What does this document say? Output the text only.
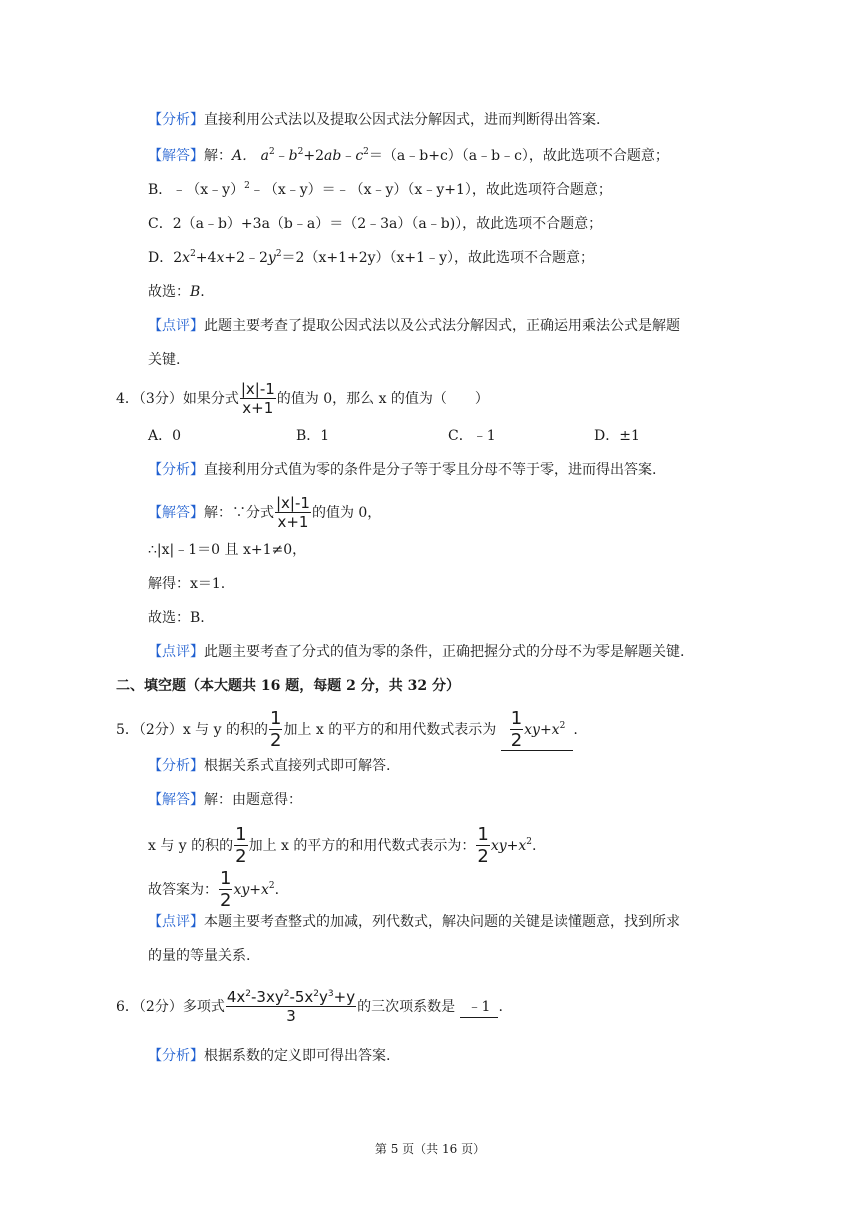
【分析】直接利用公式法以及提取公因式法分解因式，进而判断得出答案.
【解答】解：A． $a^2﹣b^2+2ab﹣c^2=(a﹣b+c)(a﹣b﹣c)$，故此选项不合题意；
B．﹣（x﹣y）$^2$﹣（x﹣y）＝﹣（x﹣y）（x﹣y+1），故此选项符合题意；
C．2（a﹣b）+3a（b﹣a）＝（2﹣3a）（a﹣b)），故此选项不合题意；
D．$2x^2+4x+2﹣2y^2=2(x+1+2y)(x+1﹣y)$，故此选项不合题意；
故选：B.
【点评】此题主要考查了提取公因式法以及公式法分解因式，正确运用乘法公式是解题
关键.
4．（3分）如果分式 $\frac{|x|-1}{x+1}$ 的值为 0，那么 x 的值为（　　）
A．0	B．1	C．﹣1	D．±1
【分析】直接利用分式值为零的条件是分子等于零且分母不等于零，进而得出答案.
【解答】解：∵分式 $\frac{|x|-1}{x+1}$ 的值为 0，
∴|x|﹣1＝0 且 x+1≠0，
解得：x＝1.
故选：B.
【点评】此题主要考查了分式的值为零的条件，正确把握分式的分母不为零是解题关键.
二、填空题（本大题共 16 题，每题 2 分，共 32 分）
5．（2分）x 与 y 的积的 $\frac{1}{2}$ 加上 x 的平方的和用代数式表示为 $\frac{1}{2} xy+x^2$ .
【分析】根据关系式直接列式即可解答.
【解答】解：由题意得：
x 与 y 的积的 $\frac{1}{2}$ 加上 x 的平方的和用代数式表示为： $\frac{1}{2} xy+x^2$.
故答案为： $\frac{1}{2} xy+x^2$.
【点评】本题主要考查整式的加减，列代数式，解决问题的关键是读懂题意，找到所求
的量的等量关系.
6．（2分）多项式 $\frac{4x^2-3xy^2-5x^2y^3+y}{3}$ 的三次项系数是 ﹣1 .
【分析】根据系数的定义即可得出答案.
第 5 页（共 16 页）
